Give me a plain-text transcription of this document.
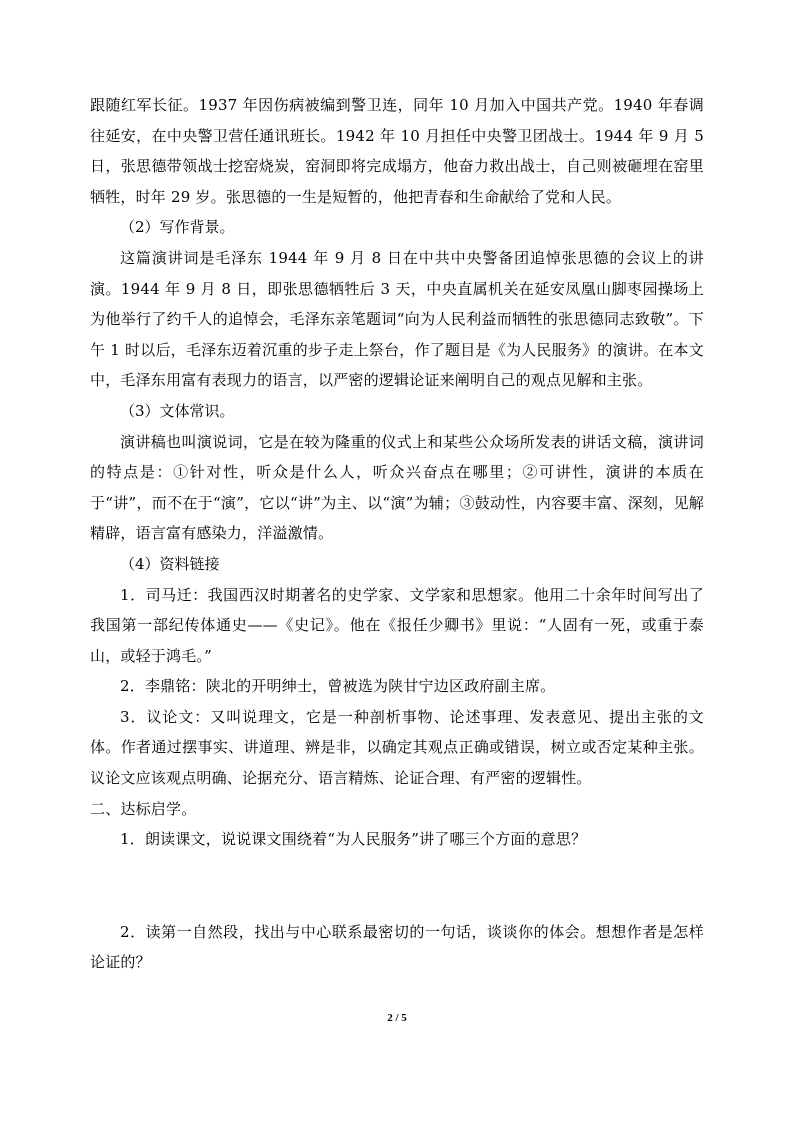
跟随红军长征。1937 年因伤病被编到警卫连，同年 10 月加入中国共产党。1940 年春调往延安，在中央警卫营任通讯班长。1942 年 10 月担任中央警卫团战士。1944 年 9 月 5 日，张思德带领战士挖窑烧炭，窑洞即将完成塌方，他奋力救出战士，自己则被砸埋在窑里牺牲，时年 29 岁。张思德的一生是短暂的，他把青春和生命献给了党和人民。

（2）写作背景。

这篇演讲词是毛泽东 1944 年 9 月 8 日在中共中央警备团追悼张思德的会议上的讲演。1944 年 9 月 8 日，即张思德牺牲后 3 天，中央直属机关在延安凤凰山脚枣园操场上为他举行了约千人的追悼会，毛泽东亲笔题词“向为人民利益而牺牲的张思德同志致敬”。下午 1 时以后，毛泽东迈着沉重的步子走上祭台，作了题目是《为人民服务》的演讲。在本文中，毛泽东用富有表现力的语言，以严密的逻辑论证来阐明自己的观点见解和主张。

（3）文体常识。

演讲稿也叫演说词，它是在较为隆重的仪式上和某些公众场所发表的讲话文稿，演讲词的特点是：①针对性，听众是什么人，听众兴奋点在哪里；②可讲性，演讲的本质在于“讲”，而不在于“演”，它以“讲”为主、以“演”为辅；③鼓动性，内容要丰富、深刻，见解精辟，语言富有感染力，洋溢激情。

（4）资料链接

1．司马迁：我国西汉时期著名的史学家、文学家和思想家。他用二十余年时间写出了我国第一部纪传体通史——《史记》。他在《报任少卿书》里说：“人固有一死，或重于泰山，或轻于鸿毛。”

2．李鼎铭：陕北的开明绅士，曾被选为陕甘宁边区政府副主席。

3．议论文：又叫说理文，它是一种剖析事物、论述事理、发表意见、提出主张的文体。作者通过摆事实、讲道理、辨是非，以确定其观点正确或错误，树立或否定某种主张。议论文应该观点明确、论据充分、语言精炼、论证合理、有严密的逻辑性。

二、达标启学。

1．朗读课文，说说课文围绕着“为人民服务”讲了哪三个方面的意思？

2．读第一自然段，找出与中心联系最密切的一句话，谈谈你的体会。想想作者是怎样论证的？

2 / 5
